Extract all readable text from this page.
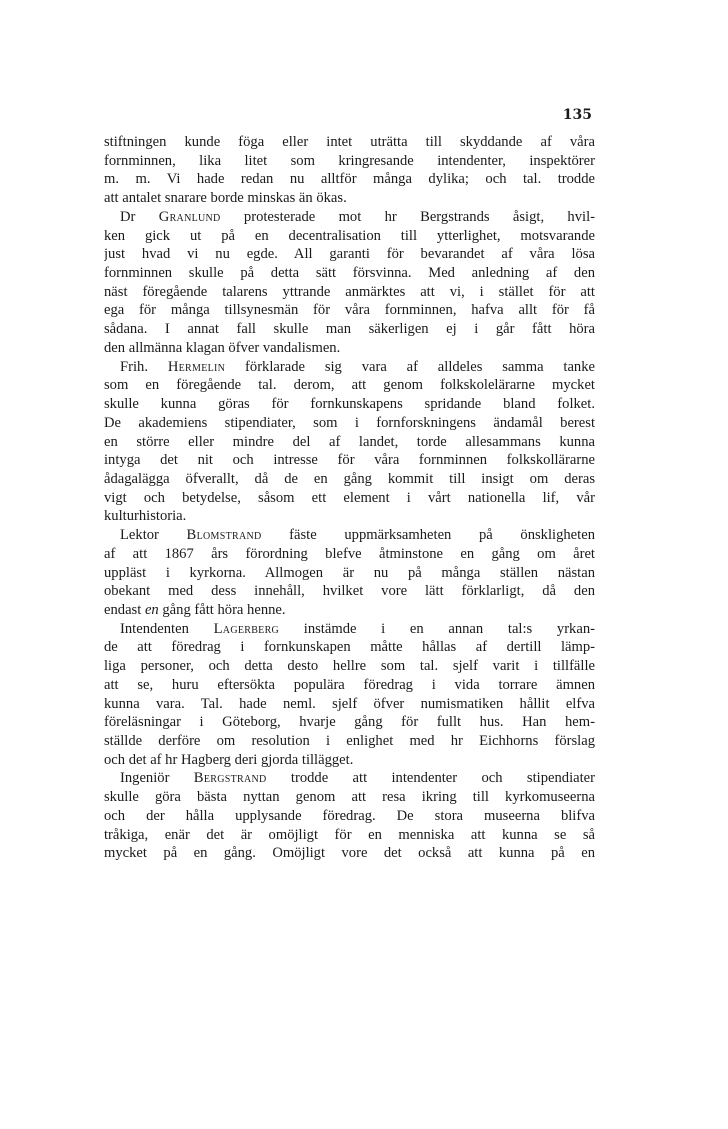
135
stiftningen kunde föga eller intet uträtta till skyddande af våra
fornminnen, lika litet som kringresande intendenter, inspektörer
m. m. Vi hade redan nu alltför många dylika; och tal. trodde
att antalet snarare borde minskas än ökas.
Dr Granlund protesterade mot hr Bergstrands åsigt, hvil-
ken gick ut på en decentralisation till ytterlighet, motsvarande
just hvad vi nu egde. All garanti för bevarandet af våra lösa
fornminnen skulle på detta sätt försvinna. Med anledning af den
näst föregående talarens yttrande anmärktes att vi, i stället för att
ega för många tillsynesmän för våra fornminnen, hafva allt för få
sådana. I annat fall skulle man säkerligen ej i går fått höra
den allmänna klagan öfver vandalismen.
Frih. Hermelin förklarade sig vara af alldeles samma tanke
som en föregående tal. derom, att genom folkskolelärarne mycket
skulle kunna göras för fornkunskapens spridande bland folket.
De akademiens stipendiater, som i fornforskningens ändamål berest
en större eller mindre del af landet, torde allesammans kunna
intyga det nit och intresse för våra fornminnen folkskollärarne
ådagalägga öfverallt, då de en gång kommit till insigt om deras
vigt och betydelse, såsom ett element i vårt nationella lif, vår
kulturhistoria.
Lektor Blomstrand fäste uppmärksamheten på önskligheten
af att 1867 års förordning blefve åtminstone en gång om året
uppläst i kyrkorna. Allmogen är nu på många ställen nästan
obekant med dess innehåll, hvilket vore lätt förklarligt, då den
endast en gång fått höra henne.
Intendenten Lagerberg instämde i en annan tal:s yrkan-
de att föredrag i fornkunskapen måtte hållas af dertill lämp-
liga personer, och detta desto hellre som tal. sjelf varit i tillfälle
att se, huru eftersökta populära föredrag i vida torrare ämnen
kunna vara. Tal. hade neml. sjelf öfver numismatiken hållit elfva
föreläsningar i Göteborg, hvarje gång för fullt hus. Han hem-
ställde derföre om resolution i enlighet med hr Eichhorns förslag
och det af hr Hagberg deri gjorda tillägget.
Ingeniör Bergstrand trodde att intendenter och stipendiater
skulle göra bästa nyttan genom att resa ikring till kyrkomuseerna
och der hålla upplysande föredrag. De stora museerna blifva
tråkiga, enär det är omöjligt för en menniska att kunna se så
mycket på en gång. Omöjligt vore det också att kunna på en
